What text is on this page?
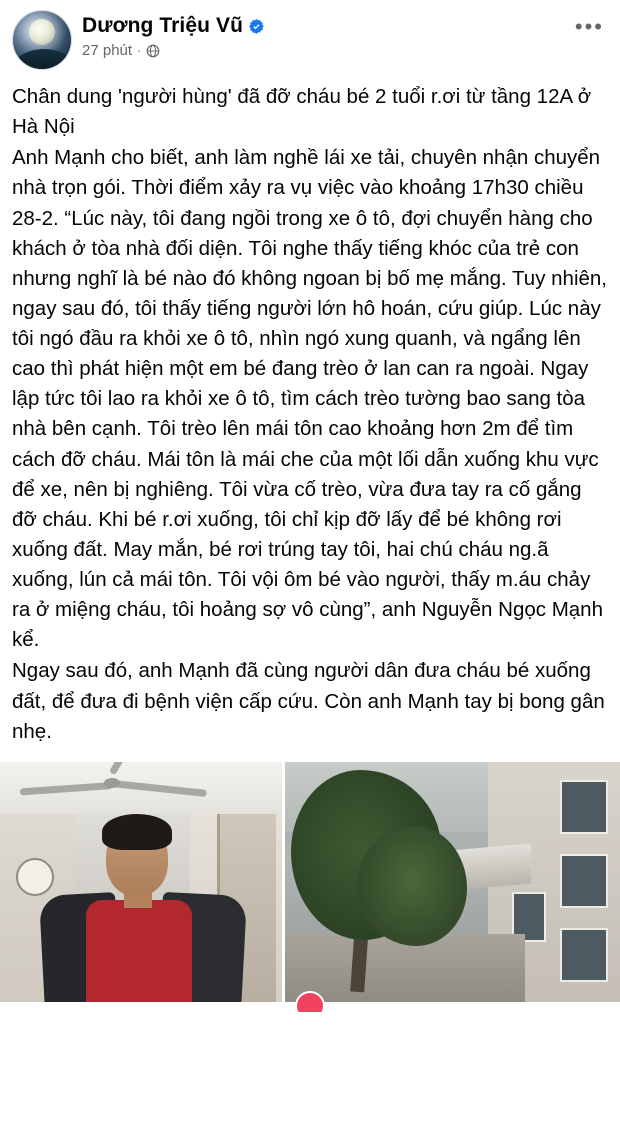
Dương Triệu Vũ
27 phút ·
•••

Chân dung 'người hùng' đã đỡ cháu bé 2 tuổi r.ơi từ tầng 12A ở Hà Nội

Anh Mạnh cho biết, anh làm nghề lái xe tải, chuyên nhận chuyển nhà trọn gói. Thời điểm xảy ra vụ việc vào khoảng 17h30 chiều 28-2. “Lúc này, tôi đang ngồi trong xe ô tô, đợi chuyển hàng cho khách ở tòa nhà đối diện. Tôi nghe thấy tiếng khóc của trẻ con nhưng nghĩ là bé nào đó không ngoan bị bố mẹ mắng. Tuy nhiên, ngay sau đó, tôi thấy tiếng người lớn hô hoán, cứu giúp. Lúc này tôi ngó đầu ra khỏi xe ô tô, nhìn ngó xung quanh, và ngẩng lên cao thì phát hiện một em bé đang trèo ở lan can ra ngoài. Ngay lập tức tôi lao ra khỏi xe ô tô, tìm cách trèo tường bao sang tòa nhà bên cạnh. Tôi trèo lên mái tôn cao khoảng hơn 2m để tìm cách đỡ cháu. Mái tôn là mái che của một lối dẫn xuống khu vực để xe, nên bị nghiêng. Tôi vừa cố trèo, vừa đưa tay ra cố gắng đỡ cháu. Khi bé r.ơi xuống, tôi chỉ kịp đỡ lấy để bé không rơi xuống đất. May mắn, bé rơi trúng tay tôi, hai chú cháu ng.ã xuống, lún cả mái tôn. Tôi vội ôm bé vào người, thấy m.áu chảy ra ở miệng cháu, tôi hoảng sợ vô cùng”, anh Nguyễn Ngọc Mạnh kể.

Ngay sau đó, anh Mạnh đã cùng người dân đưa cháu bé xuống đất, để đưa đi bệnh viện cấp cứu. Còn anh Mạnh tay bị bong gân nhẹ.
